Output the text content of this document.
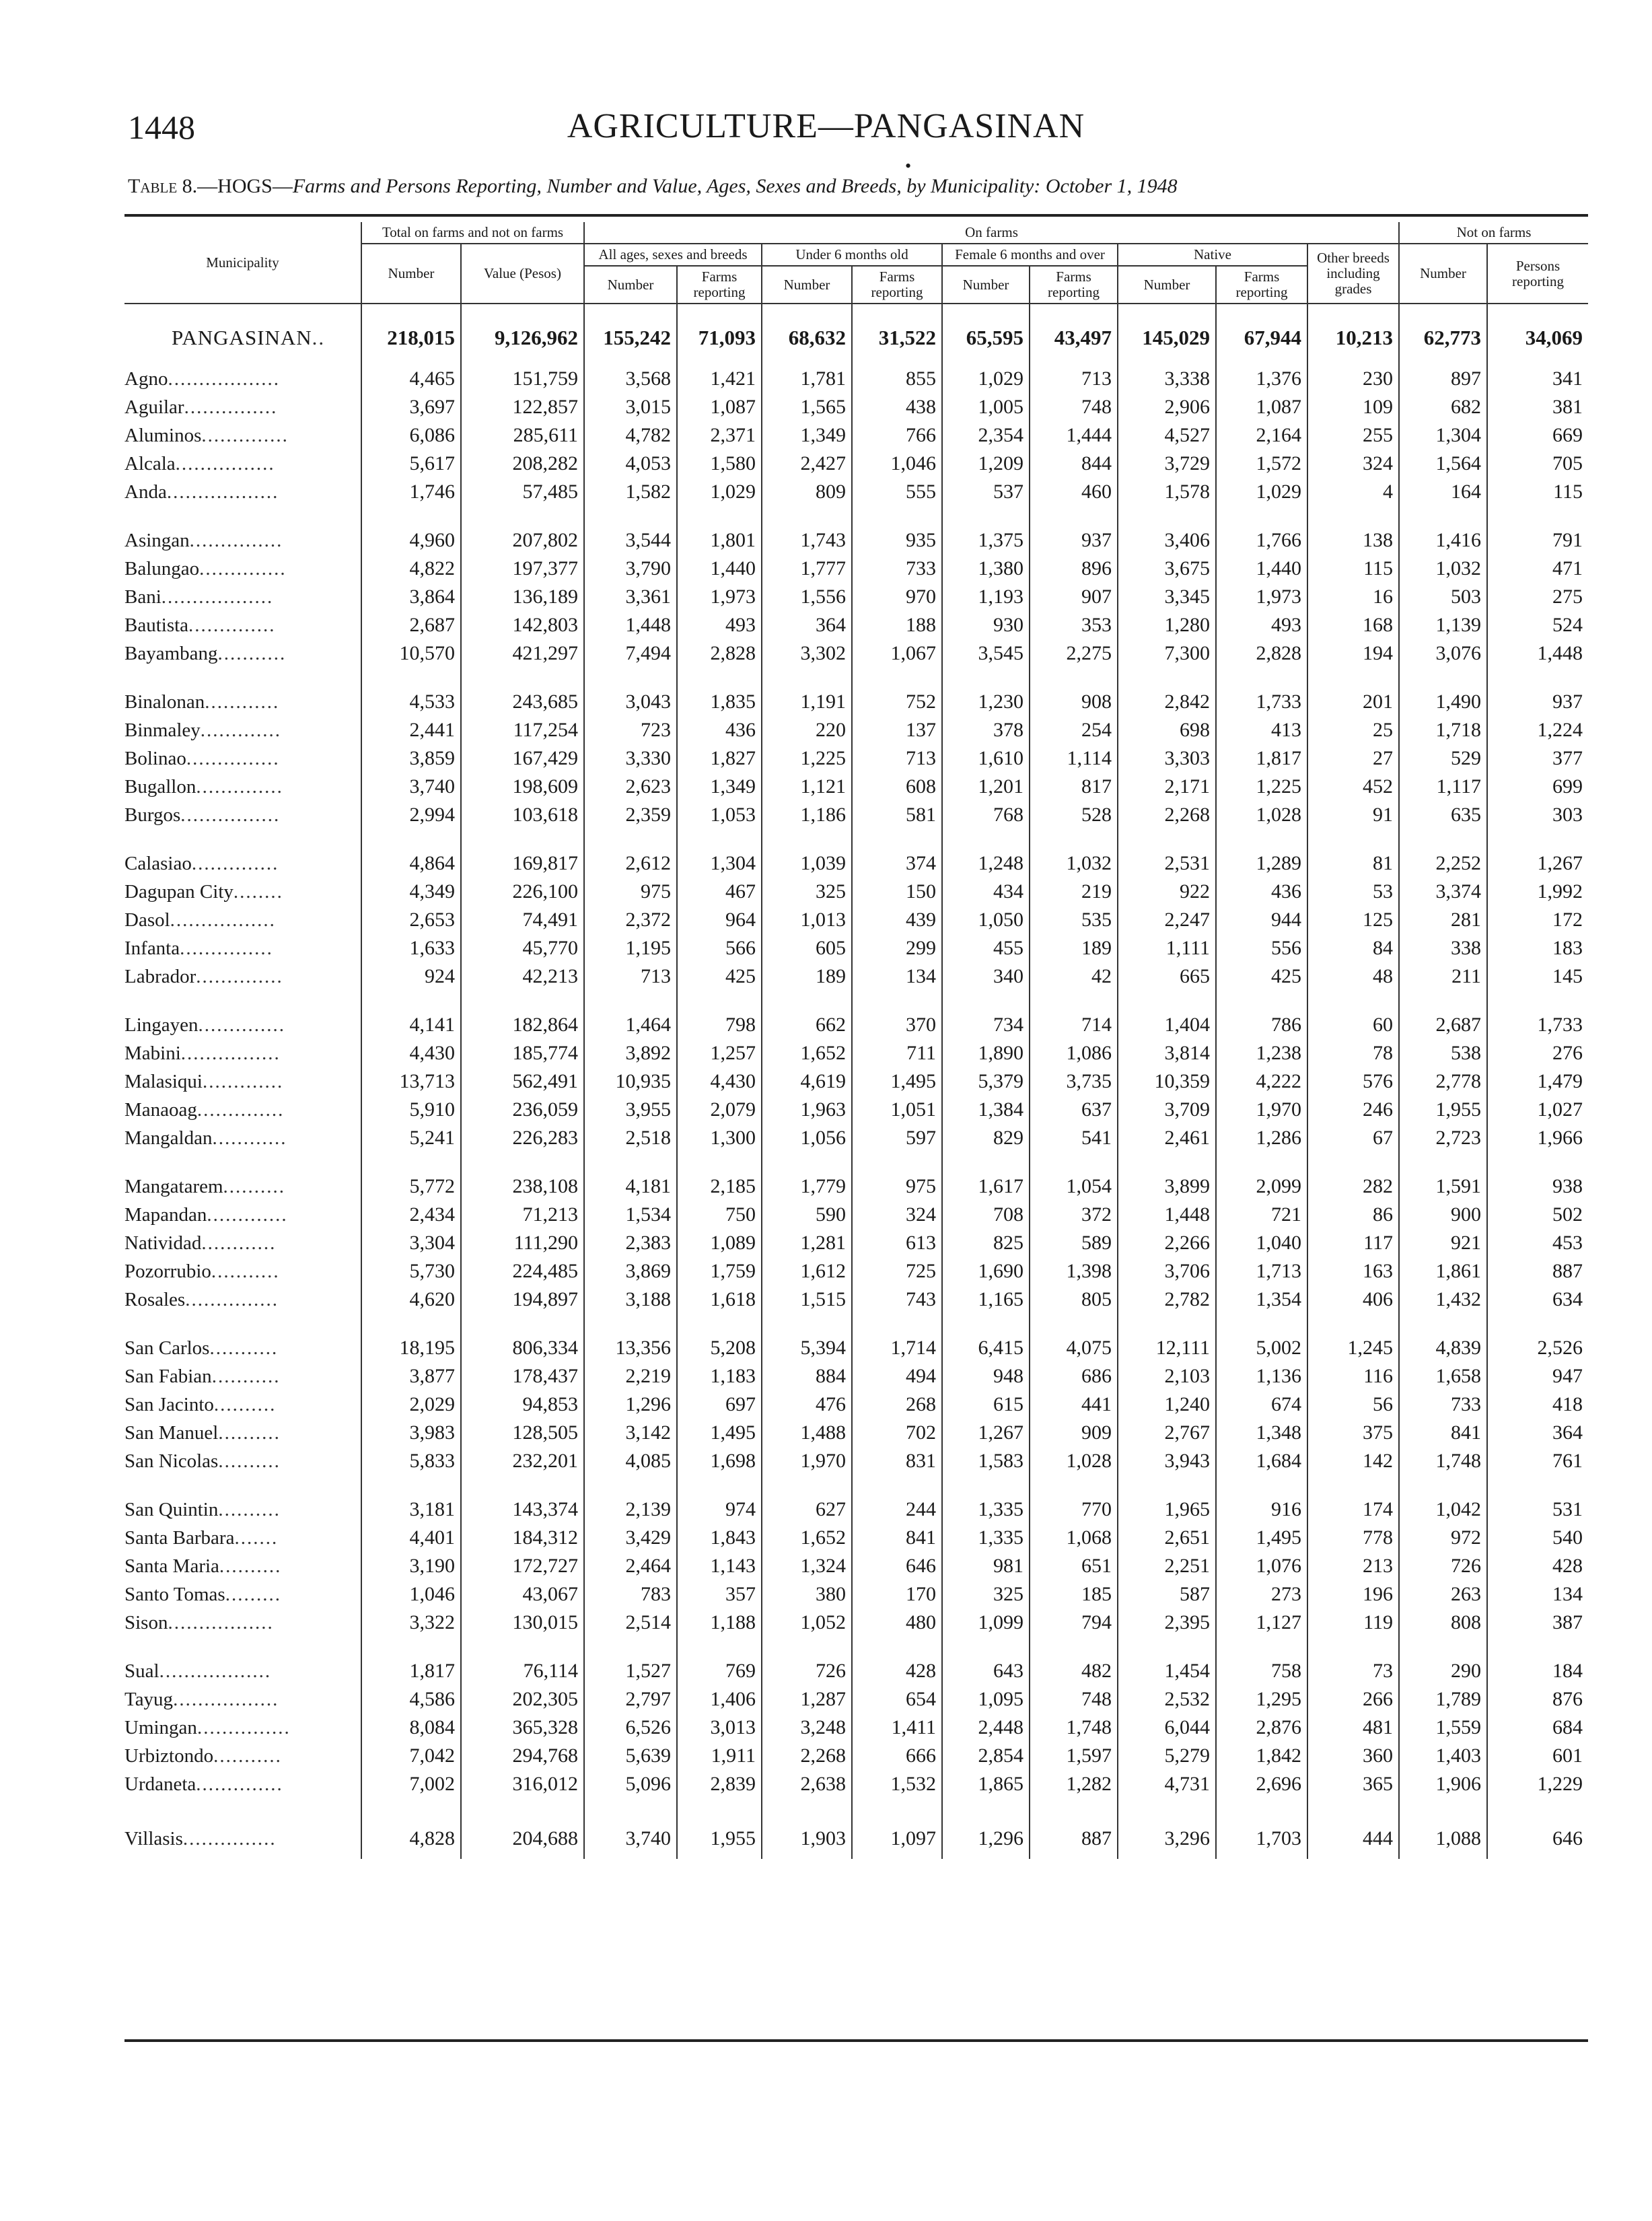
1448	AGRICULTURE—PANGASINAN
•
Table 8.—HOGS—Farms and Persons Reporting, Number and Value, Ages, Sexes and Breeds, by Municipality: October 1, 1948
Municipality	Total on farms and not on farms		On farms									Not on farms	
	Number	Value (Pesos)	All ages, sexes and breeds		Under 6 months old		Female 6 months and over		Native		Other breeds including grades	Number	Persons reporting
			Number	Farms reporting	Number	Farms reporting	Number	Farms reporting	Number	Farms reporting			
PANGASINAN..	218,015	9,126,962	155,242	71,093	68,632	31,522	65,595	43,497	145,029	67,944	10,213	62,773	34,069
Agno..................	4,465	151,759	3,568	1,421	1,781	855	1,029	713	3,338	1,376	230	897	341
Aguilar...............	3,697	122,857	3,015	1,087	1,565	438	1,005	748	2,906	1,087	109	682	381
Aluminos..............	6,086	285,611	4,782	2,371	1,349	766	2,354	1,444	4,527	2,164	255	1,304	669
Alcala................	5,617	208,282	4,053	1,580	2,427	1,046	1,209	844	3,729	1,572	324	1,564	705
Anda..................	1,746	57,485	1,582	1,029	809	555	537	460	1,578	1,029	4	164	115
Asingan...............	4,960	207,802	3,544	1,801	1,743	935	1,375	937	3,406	1,766	138	1,416	791
Balungao..............	4,822	197,377	3,790	1,440	1,777	733	1,380	896	3,675	1,440	115	1,032	471
Bani..................	3,864	136,189	3,361	1,973	1,556	970	1,193	907	3,345	1,973	16	503	275
Bautista..............	2,687	142,803	1,448	493	364	188	930	353	1,280	493	168	1,139	524
Bayambang...........	10,570	421,297	7,494	2,828	3,302	1,067	3,545	2,275	7,300	2,828	194	3,076	1,448
Binalonan............	4,533	243,685	3,043	1,835	1,191	752	1,230	908	2,842	1,733	201	1,490	937
Binmaley.............	2,441	117,254	723	436	220	137	378	254	698	413	25	1,718	1,224
Bolinao...............	3,859	167,429	3,330	1,827	1,225	713	1,610	1,114	3,303	1,817	27	529	377
Bugallon..............	3,740	198,609	2,623	1,349	1,121	608	1,201	817	2,171	1,225	452	1,117	699
Burgos................	2,994	103,618	2,359	1,053	1,186	581	768	528	2,268	1,028	91	635	303
Calasiao..............	4,864	169,817	2,612	1,304	1,039	374	1,248	1,032	2,531	1,289	81	2,252	1,267
Dagupan City........	4,349	226,100	975	467	325	150	434	219	922	436	53	3,374	1,992
Dasol.................	2,653	74,491	2,372	964	1,013	439	1,050	535	2,247	944	125	281	172
Infanta...............	1,633	45,770	1,195	566	605	299	455	189	1,111	556	84	338	183
Labrador..............	924	42,213	713	425	189	134	340	42	665	425	48	211	145
Lingayen..............	4,141	182,864	1,464	798	662	370	734	714	1,404	786	60	2,687	1,733
Mabini................	4,430	185,774	3,892	1,257	1,652	711	1,890	1,086	3,814	1,238	78	538	276
Malasiqui.............	13,713	562,491	10,935	4,430	4,619	1,495	5,379	3,735	10,359	4,222	576	2,778	1,479
Manaoag..............	5,910	236,059	3,955	2,079	1,963	1,051	1,384	637	3,709	1,970	246	1,955	1,027
Mangaldan............	5,241	226,283	2,518	1,300	1,056	597	829	541	2,461	1,286	67	2,723	1,966
Mangatarem..........	5,772	238,108	4,181	2,185	1,779	975	1,617	1,054	3,899	2,099	282	1,591	938
Mapandan.............	2,434	71,213	1,534	750	590	324	708	372	1,448	721	86	900	502
Natividad............	3,304	111,290	2,383	1,089	1,281	613	825	589	2,266	1,040	117	921	453
Pozorrubio...........	5,730	224,485	3,869	1,759	1,612	725	1,690	1,398	3,706	1,713	163	1,861	887
Rosales...............	4,620	194,897	3,188	1,618	1,515	743	1,165	805	2,782	1,354	406	1,432	634
San Carlos...........	18,195	806,334	13,356	5,208	5,394	1,714	6,415	4,075	12,111	5,002	1,245	4,839	2,526
San Fabian...........	3,877	178,437	2,219	1,183	884	494	948	686	2,103	1,136	116	1,658	947
San Jacinto..........	2,029	94,853	1,296	697	476	268	615	441	1,240	674	56	733	418
San Manuel..........	3,983	128,505	3,142	1,495	1,488	702	1,267	909	2,767	1,348	375	841	364
San Nicolas..........	5,833	232,201	4,085	1,698	1,970	831	1,583	1,028	3,943	1,684	142	1,748	761
San Quintin..........	3,181	143,374	2,139	974	627	244	1,335	770	1,965	916	174	1,042	531
Santa Barbara.......	4,401	184,312	3,429	1,843	1,652	841	1,335	1,068	2,651	1,495	778	972	540
Santa Maria..........	3,190	172,727	2,464	1,143	1,324	646	981	651	2,251	1,076	213	726	428
Santo Tomas.........	1,046	43,067	783	357	380	170	325	185	587	273	196	263	134
Sison.................	3,322	130,015	2,514	1,188	1,052	480	1,099	794	2,395	1,127	119	808	387
Sual..................	1,817	76,114	1,527	769	726	428	643	482	1,454	758	73	290	184
Tayug.................	4,586	202,305	2,797	1,406	1,287	654	1,095	748	2,532	1,295	266	1,789	876
Umingan...............	8,084	365,328	6,526	3,013	3,248	1,411	2,448	1,748	6,044	2,876	481	1,559	684
Urbiztondo...........	7,042	294,768	5,639	1,911	2,268	666	2,854	1,597	5,279	1,842	360	1,403	601
Urdaneta..............	7,002	316,012	5,096	2,839	2,638	1,532	1,865	1,282	4,731	2,696	365	1,906	1,229
Villasis...............	4,828	204,688	3,740	1,955	1,903	1,097	1,296	887	3,296	1,703	444	1,088	646
